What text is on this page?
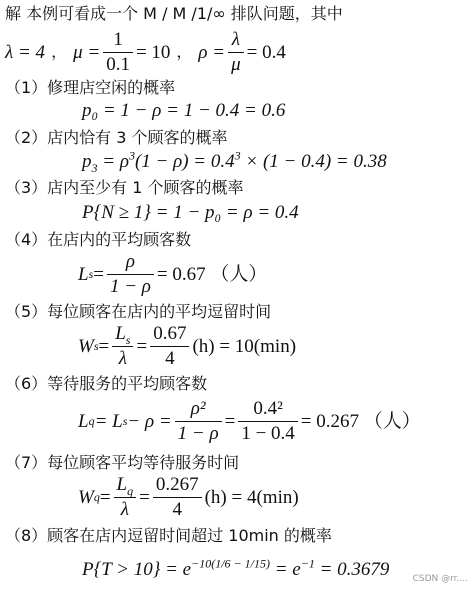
解 本例可看成一个 M / M /1/∞ 排队问题，其中
λ = 4 ， $\mu = \frac{1}{0.1} = 10$ ， $\rho = \frac{\lambda}{\mu} = 0.4$
（1）修理店空闲的概率
p₀ = 1 − ρ = 1 − 0.4 = 0.6
（2）店内恰有 3 个顾客的概率
$p_3 = \rho^3(1 - \rho) = 0.4^3 \times (1 - 0.4) = 0.38$
（3）店内至少有 1 个顾客的概率
P{N ≥ 1} = 1 − p₀ = ρ = 0.4
（4）在店内的平均顾客数
L $s = \frac{\rho}{1 - \rho} = 0.67$ （人）
（5）每位顾客在店内的平均逗留时间
W $s = \frac{L_s}{\lambda} = \frac{0.67}{4} (h) = 10(\min)$
（6）等待服务的平均顾客数
L q = L $s - \rho = \frac{\text{ρ²}}{1 - \rho} = \frac{\text{0.4²}}{1 - 0.4} = 0.267$ （人）
（7）每位顾客平均等待服务时间
W $q = \frac{L_q}{\lambda} = \frac{0.267}{4} (h) = 4(\min)$
（8）顾客在店内逗留时间超过 10min 的概率
$P\{T > 10\} = e^{-10(1/6 - 1/15)} = e^{-1} = 0.3679$	CSDN @rr....
